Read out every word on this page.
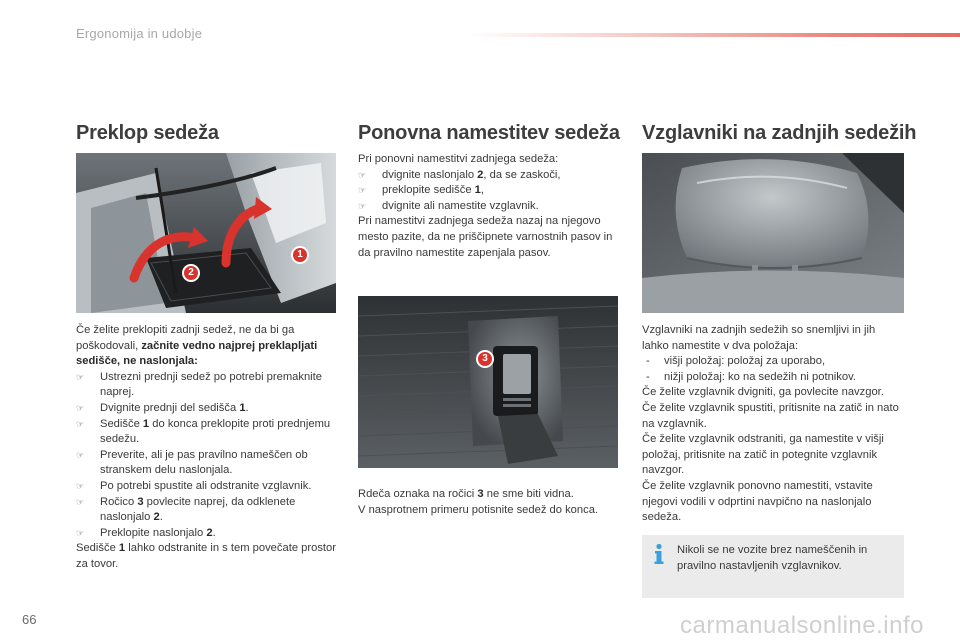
Ergonomija in udobje
Preklop sedeža
1
2

Če želite preklopiti zadnji sedež, ne da bi ga poškodovali, začnite vedno najprej preklapljati sedišče, ne naslonjala:

☞ Ustrezni prednji sedež po potrebi premaknite naprej.
☞ Dvignite prednji del sedišča 1.
☞ Sedišče 1 do konca preklopite proti prednjemu sedežu.
☞ Preverite, ali je pas pravilno nameščen ob stranskem delu naslonjala.
☞ Po potrebi spustite ali odstranite vzglavnik.
☞ Ročico 3 povlecite naprej, da odklenete naslonjalo 2.
☞ Preklopite naslonjalo 2.

Sedišče 1 lahko odstranite in s tem povečate prostor za tovor.

Ponovna namestitev sedeža

Pri ponovni namestitvi zadnjega sedeža:

☞ dvignite naslonjalo 2, da se zaskoči,
☞ preklopite sedišče 1,
☞ dvignite ali namestite vzglavnik.

Pri namestitvi zadnjega sedeža nazaj na njegovo mesto pazite, da ne priščipnete varnostnih pasov in da pravilno namestite zapenjala pasov.

3

Rdeča oznaka na ročici 3 ne sme biti vidna.

V nasprotnem primeru potisnite sedež do konca.

Vzglavniki na zadnjih sedežih

Vzglavniki na zadnjih sedežih so snemljivi in jih lahko namestite v dva položaja:

- višji položaj: položaj za uporabo,
- nižji položaj: ko na sedežih ni potnikov.

Če želite vzglavnik dvigniti, ga povlecite navzgor.

Če želite vzglavnik spustiti, pritisnite na zatič in nato na vzglavnik.

Če želite vzglavnik odstraniti, ga namestite v višji položaj, pritisnite na zatič in potegnite vzglavnik navzgor.

Če želite vzglavnik ponovno namestiti, vstavite njegovi vodili v odprtini navpično na naslonjalo sedeža.

Nikoli se ne vozite brez nameščenih in pravilno nastavljenih vzglavnikov.
66	carmanualsonline.info
